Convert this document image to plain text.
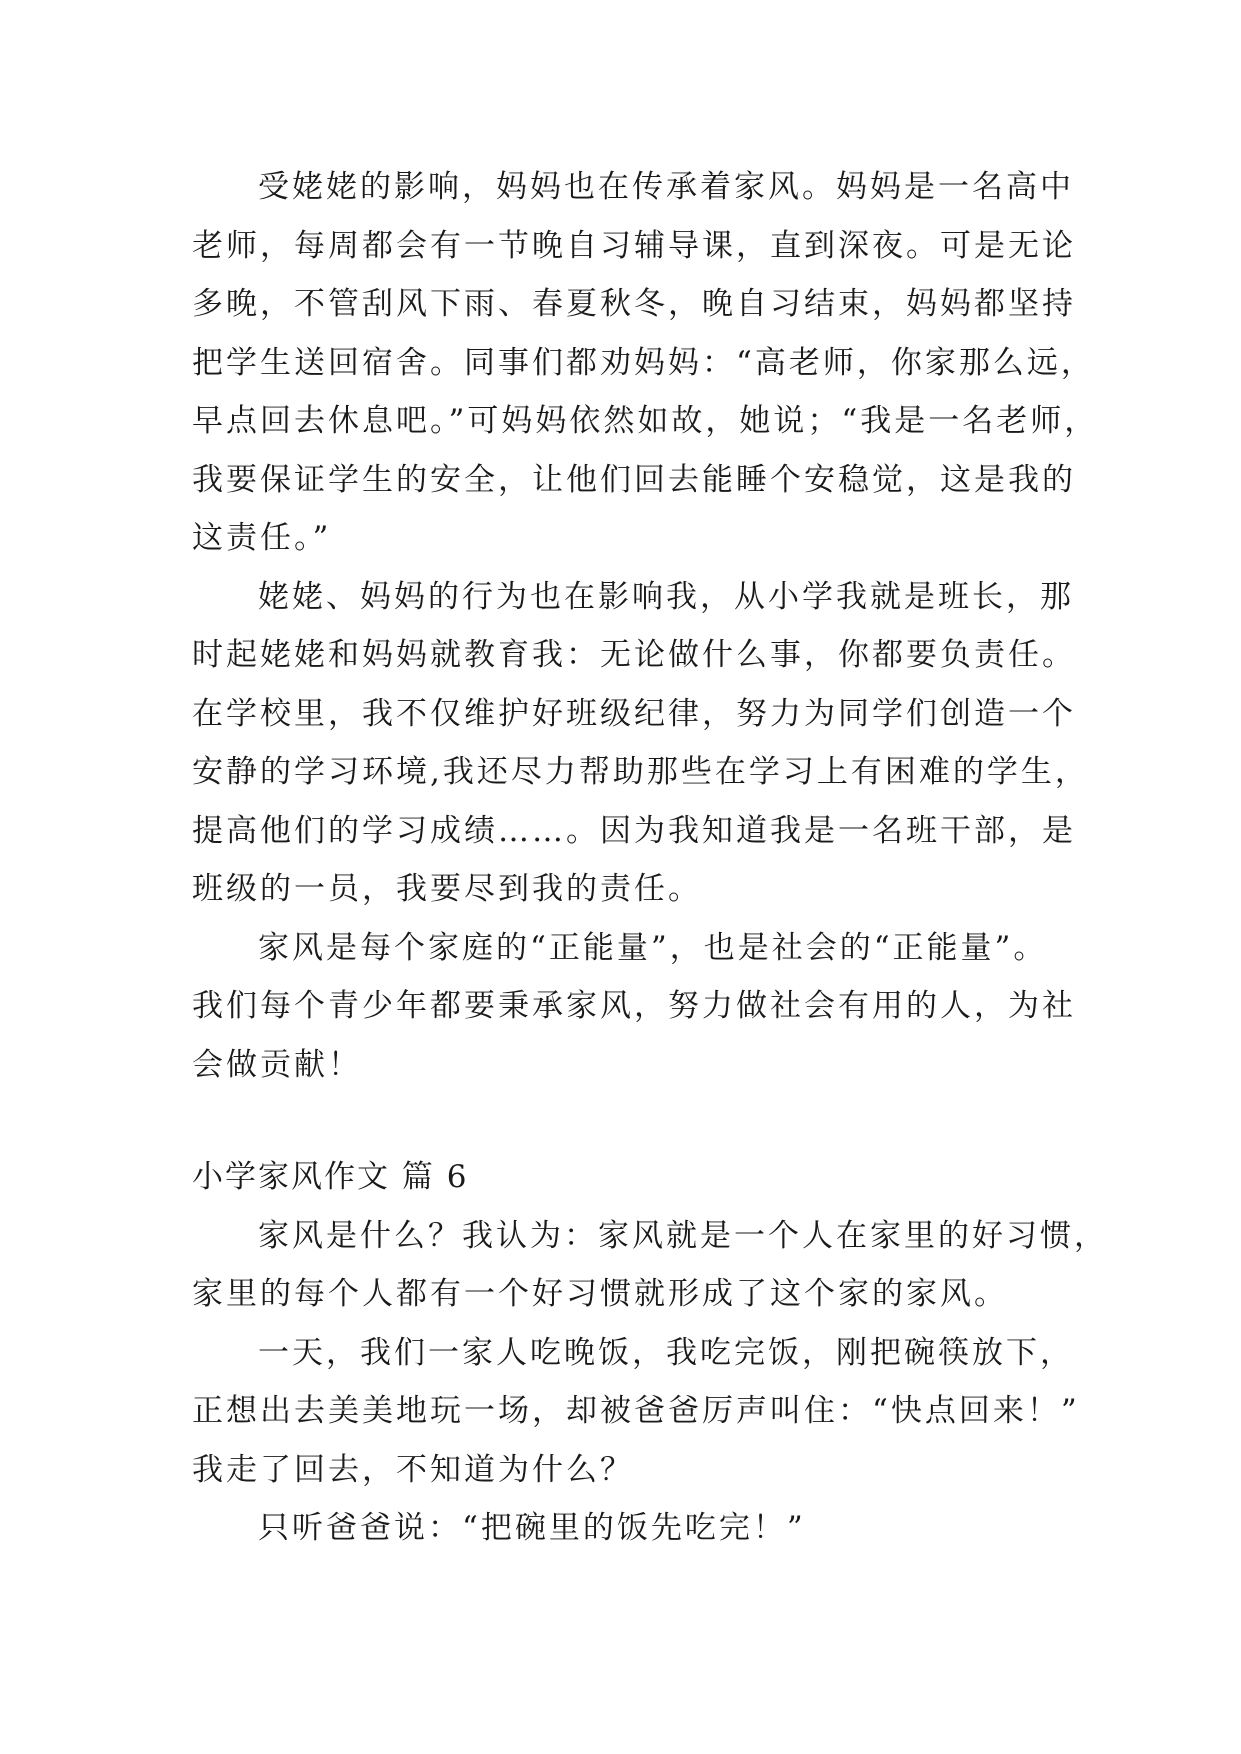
受姥姥的影响，妈妈也在传承着家风。妈妈是一名高中
老师，每周都会有一节晚自习辅导课，直到深夜。可是无论
多晚，不管刮风下雨、春夏秋冬，晚自习结束，妈妈都坚持
把学生送回宿舍。同事们都劝妈妈：“高老师，你家那么远，
早点回去休息吧。”可妈妈依然如故，她说；“我是一名老师，
我要保证学生的安全，让他们回去能睡个安稳觉，这是我的
这责任。”
姥姥、妈妈的行为也在影响我，从小学我就是班长，那
时起姥姥和妈妈就教育我：无论做什么事，你都要负责任。
在学校里，我不仅维护好班级纪律，努力为同学们创造一个
安静的学习环境,我还尽力帮助那些在学习上有困难的学生，
提高他们的学习成绩……。因为我知道我是一名班干部，是
班级的一员，我要尽到我的责任。
家风是每个家庭的“正能量”，也是社会的“正能量”。
我们每个青少年都要秉承家风，努力做社会有用的人，为社
会做贡献！
小学家风作文 篇 6
家风是什么？我认为：家风就是一个人在家里的好习惯，
家里的每个人都有一个好习惯就形成了这个家的家风。
一天，我们一家人吃晚饭，我吃完饭，刚把碗筷放下，
正想出去美美地玩一场，却被爸爸厉声叫住：“快点回来！”
我走了回去，不知道为什么？
只听爸爸说：“把碗里的饭先吃完！”
